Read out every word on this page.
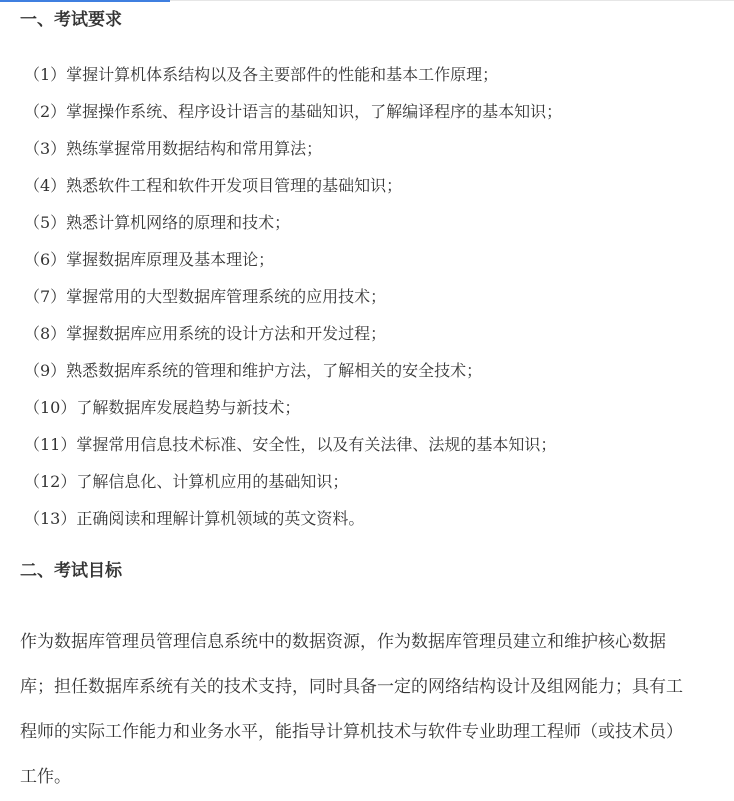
一、考试要求
（1）掌握计算机体系结构以及各主要部件的性能和基本工作原理；
（2）掌握操作系统、程序设计语言的基础知识，了解编译程序的基本知识；
（3）熟练掌握常用数据结构和常用算法；
（4）熟悉软件工程和软件开发项目管理的基础知识；
（5）熟悉计算机网络的原理和技术；
（6）掌握数据库原理及基本理论；
（7）掌握常用的大型数据库管理系统的应用技术；
（8）掌握数据库应用系统的设计方法和开发过程；
（9）熟悉数据库系统的管理和维护方法，了解相关的安全技术；
（10）了解数据库发展趋势与新技术；
（11）掌握常用信息技术标准、安全性，以及有关法律、法规的基本知识；
（12）了解信息化、计算机应用的基础知识；
（13）正确阅读和理解计算机领域的英文资料。
二、考试目标

作为数据库管理员管理信息系统中的数据资源，作为数据库管理员建立和维护核心数据库；担任数据库系统有关的技术支持，同时具备一定的网络结构设计及组网能力；具有工程师的实际工作能力和业务水平，能指导计算机技术与软件专业助理工程师（或技术员）工作。
